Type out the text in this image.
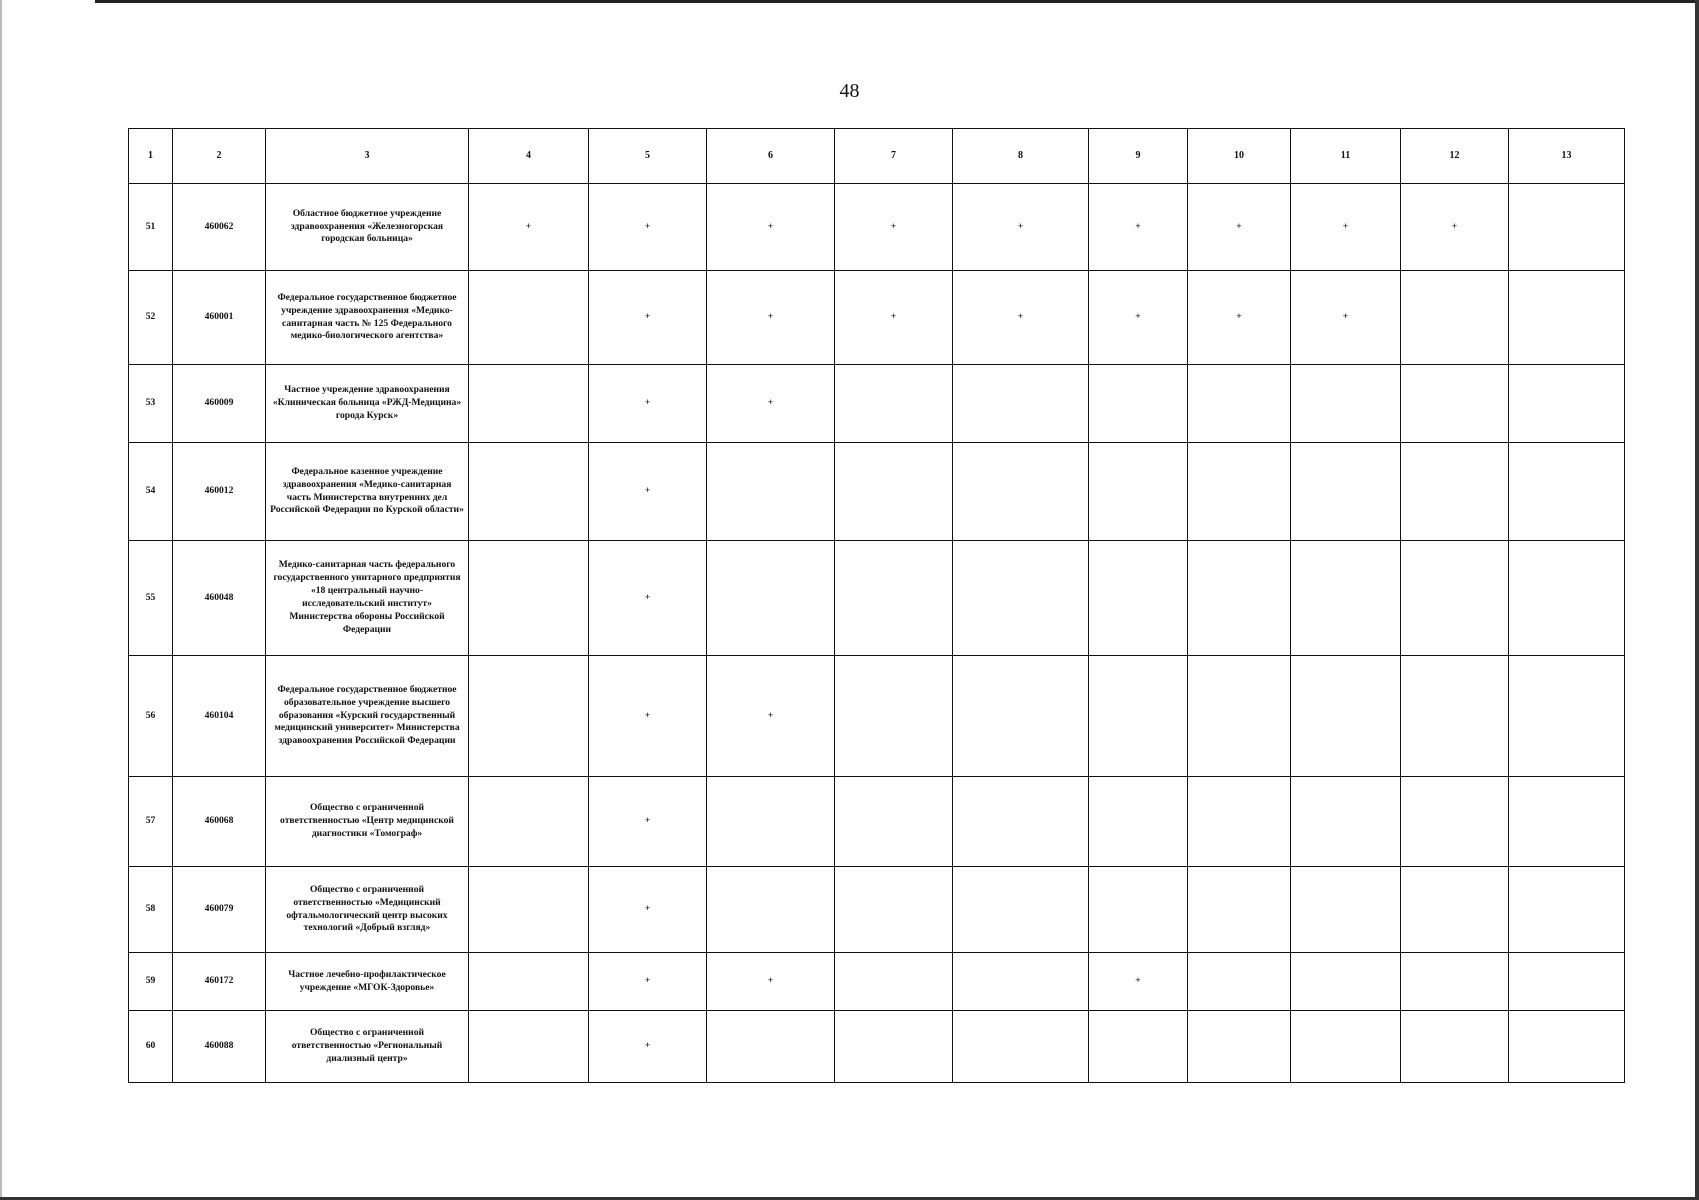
48
1	2	3	4	5	6	7	8	9	10	11	12	13
51	460062	Областное бюджетное учреждение здравоохранения «Железногорская городская больница»	+	+	+	+	+	+	+	+	+	
52	460001	Федеральное государственное бюджетное учреждение здравоохранения «Медико-санитарная часть № 125 Федерального медико-биологического агентства»		+	+	+	+	+	+	+		
53	460009	Частное учреждение здравоохранения «Клиническая больница «РЖД-Медицина» города Курск»		+	+							
54	460012	Федеральное казенное учреждение здравоохранения «Медико-санитарная часть Министерства внутренних дел Российской Федерации по Курской области»		+								
55	460048	Медико-санитарная часть федерального государственного унитарного предприятия «18 центральный научно-исследовательский институт» Министерства обороны Российской Федерации		+								
56	460104	Федеральное государственное бюджетное образовательное учреждение высшего образования «Курский государственный медицинский университет» Министерства здравоохранения Российской Федерации		+	+							
57	460068	Общество с ограниченной ответственностью «Центр медицинской диагностики «Томограф»		+								
58	460079	Общество с ограниченной ответственностью «Медицинский офтальмологический центр высоких технологий «Добрый взгляд»		+								
59	460172	Частное лечебно-профилактическое учреждение «МГОК-Здоровье»		+	+			+				
60	460088	Общество с ограниченной ответственностью «Региональный диализный центр»		+								
